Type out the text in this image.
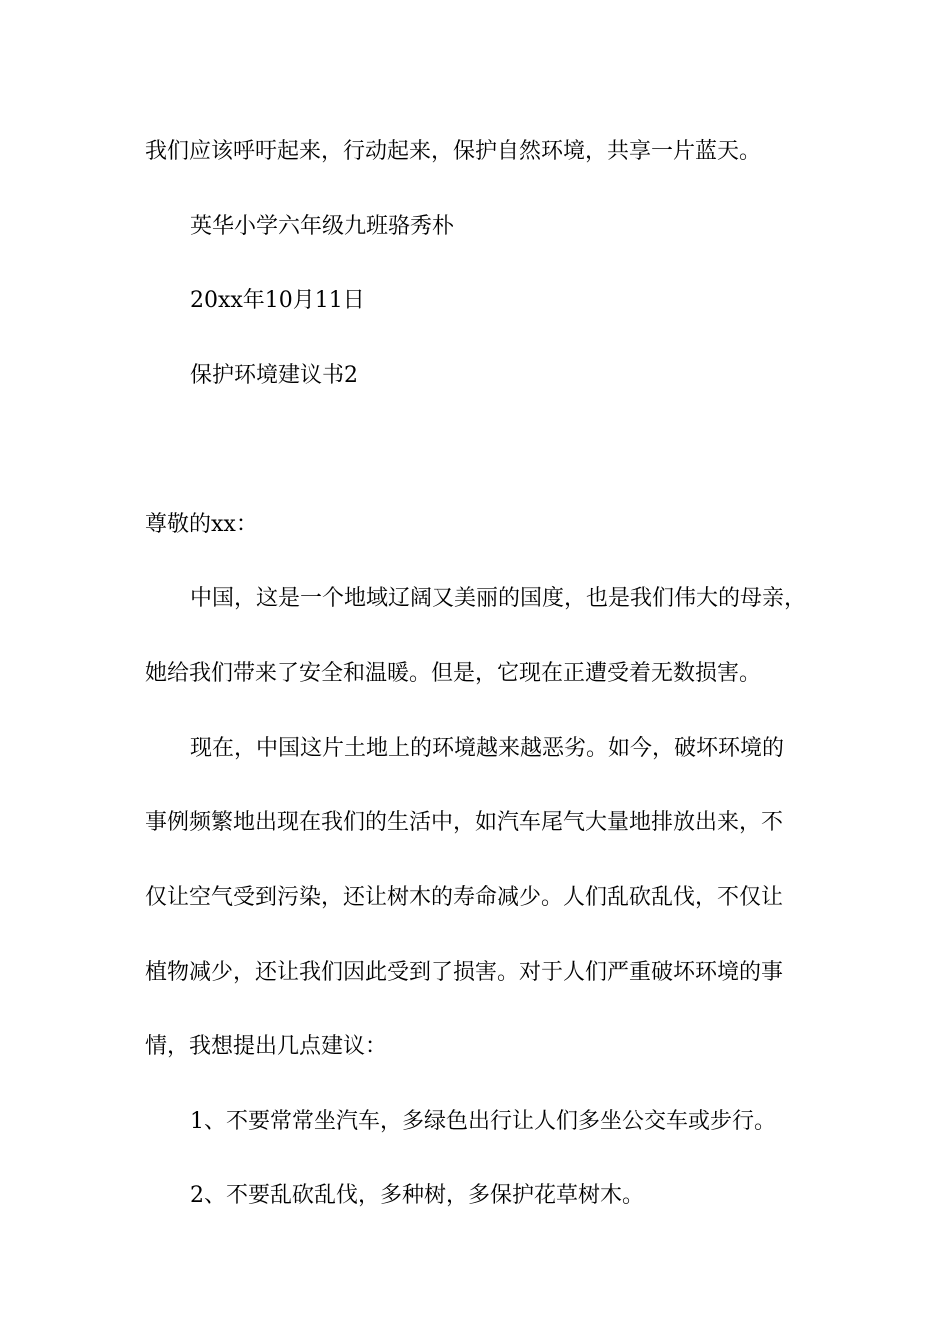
我们应该呼吁起来，行动起来，保护自然环境，共享一片蓝天。
英华小学六年级九班骆秀朴
20xx年10月11日
保护环境建议书2
尊敬的xx：
中国，这是一个地域辽阔又美丽的国度，也是我们伟大的母亲，
她给我们带来了安全和温暖。但是，它现在正遭受着无数损害。
现在，中国这片土地上的环境越来越恶劣。如今，破坏环境的
事例频繁地出现在我们的生活中，如汽车尾气大量地排放出来，不
仅让空气受到污染，还让树木的寿命减少。人们乱砍乱伐，不仅让
植物减少，还让我们因此受到了损害。对于人们严重破坏环境的事
情，我想提出几点建议：
1、不要常常坐汽车，多绿色出行让人们多坐公交车或步行。
2、不要乱砍乱伐，多种树，多保护花草树木。
